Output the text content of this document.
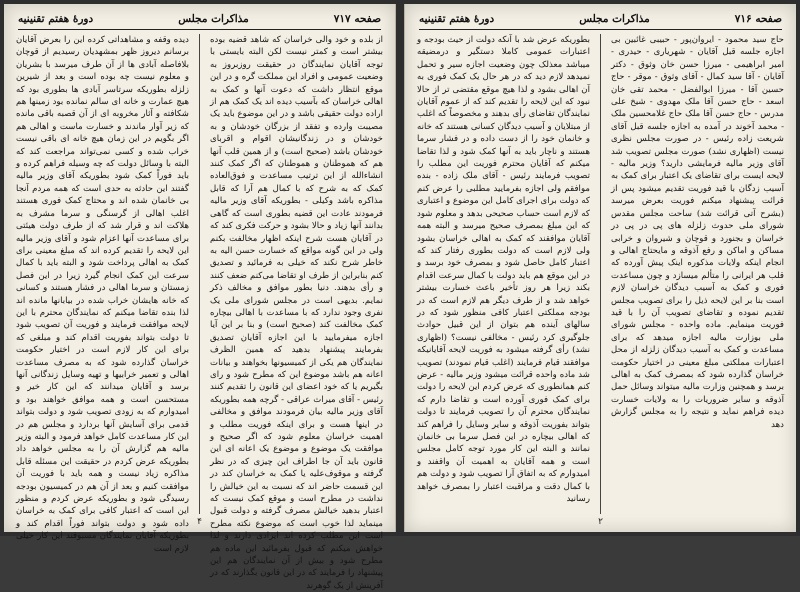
دورهٔ هفتم تقنینیه	مذاکرات مجلس	صفحه ۷۱۷

از بلده و خود والی خراسان که شاهد قضیه بوده بیشتر است و کمتر نیست لکن البته بایستی با توجه آقایان نمایندگان در حقیقت روزبروز به وضعیت عمومی و افراد این مملکت گره و در این موقع انتظار داشت که دعوت آنها و کمک به اهالی خراسان که بآسیب دیده اند یک کمک هم از اراده دولت حقیقی باشد و در این موضوع باید یک مصیبت وارده و تفقد از بزرگان خودشان و به خودشان و در زندگانیشان اقوام و اقربای خودشان باشد (صحیح است) و از همین قلب آنها هم که هموطنان و هموطنان که اگر کمک کنند انشاءالله از این ترتیب مساعدت و فوق‌العاده کمک که به شرح که با کمال هم آرا که قابل مذاکره باشد وکیلی - بطوریکه آقای وزیر مالیه فرمودند عادت این قضیه بطوری است که گاهی بدانند آنها زیاد و حالا بشود و حرکت فکری کند که در آقایان هست شرح اینکه اظهار مخالفت بکنم ولی در این گونه مواقع که خسارت حسن الیه به خاطر شرح نکند که خیلی به فرمائید و تصدیق کنم بنابراین از طرف او تقاضا می‌کنم ضعف کنند و رأی بدهند. دنیا بطور موافق و مخالف ذکر نمایم. بدیهی است در مجلس شورای ملی یک نفری وجود ندارد که با مساعدت با اهالی بیچاره کمک مخالفت کند (صحیح است) و بنا بر این آیا اجازه میفرمایید با این اجازه آقایان تصدیق بفرمایند پیشنهاد بدهید که همین الظرف نمایندگان هم یکی از کمیسیونها بخواهند و بیانات اعانه هم باشد موضوع این که مطرح شود و رای بگیریم یا که خود اعضای این قانون را تقدیم کنند رئیس - آقای میراث عراقی - گرچه همه بطوریکه آقای وزیر مالیه بیان فرمودند موافق و مخالفی در اینها هست و برای اینکه فوریت مطلب و اهمیت خراسان معلوم شود که اگر صحیح و موافقت یک موضوع و موضوع یک اعانه ای این قانون باید آن جا اطراف این چیزی که در نظر گرفته و موقوف‌علیه یا کمک به خراسان کند در این قسمت حاضر اند که نسبت به این خیالش را نداشت در مطرح است و موقع کمک نیست که اعتبار بدهید خیالش مصرف گرفته و دولت قبول مینماید لذا خوب است که موضوع نکته مطرح است این مطلب کرده اند ایرادی دارند و لذا خواهش میکنم که قبول بفرمائید این ماده هم مطرح شود و بیش از آن نمایندگان هم این پیشنهاد را فرمایند که در این قانون بگذارند که در آفرینش از یک گوهرند

دیده وقفه و مشاهداتی کرده این را بعرض آقایان برسانم دیروز ظهر بمشهدیان رسیدیم از قوچان بلافاصله آبادی ها از آن طرف میرسد با بشریان و معلوم نیست چه بوده است و بعد از شیرین زلزله بطوریکه سرتاسر آبادی ها بطوری بود که هیچ عمارت و خانه ای سالم نمانده بود زمینها هم شکافته و آثار مخروبه ای از آن قصبه باقی مانده که زیر آوار ماندند و خسارت ماست و اهالی هم اگر بگویم در این زمان هیچ خانه ای باقی نیست خراب شده و کسی نمی‌تواند مراجعت کند که البته با وسائل دولت که چه وسیله فراهم کرده و باید فوراً کمک شود بطوریکه آقای وزیر مالیه گفتند این حادثه به حدی است که همه مردم آنجا بی خانمان شده اند و محتاج کمک فوری هستند اغلب اهالی از گرسنگی و سرما مشرف به هلاکت اند و قرار شد که از طرف دولت هیئتی برای مساعدت آنها اعزام شود و آقای وزیر مالیه این لایحه را تقدیم کرده اند که مبلغ معینی برای کمک به اهالی پرداخت شود و البته باید با کمال سرعت این کمک انجام گیرد زیرا در این فصل زمستان و سرما اهالی در فشار هستند و کسانی که خانه هایشان خراب شده در بیابانها مانده اند لذا بنده تقاضا میکنم که نمایندگان محترم با این لایحه موافقت فرمایند و فوریت آن تصویب شود تا دولت بتواند بفوریت اقدام کند و مبلغی که برای این کار لازم است در اختیار حکومت خراسان گذارده شود که به مصرف مساعدت اهالی و تعمیر خرابیها و تهیه وسایل زندگانی آنها برسد و آقایان میدانند که این کار خیر و مستحسن است و همه موافق خواهند بود و امیدوارم که به زودی تصویب شود و دولت بتواند قدمی برای آسایش آنها بردارد و مجلس هم در این کار مساعدت کامل خواهد فرمود و البته وزیر مالیه هم گزارش آن را به مجلس خواهد داد بطوریکه عرض کردم در حقیقت این مسئله قابل مذاکره زیاد نیست و همه باید با فوریت آن موافقت کنیم و بعد از آن هم در کمیسیون بودجه رسیدگی شود و بطوریکه عرض کردم و منظور این است که اعتبار کافی برای کمک به خراسان داده شود و دولت بتواند فوراً اقدام کند و بطوریکه آقایان نمایندگان مسبوقند این کار خیلی لازم است

۴
دورهٔ هفتم تقنینیه	مذاکرات مجلس	صفحه ۷۱۶

حاج سید محمود - ایروان‌پور - حبیبی غائبین بی اجازه جلسه قبل آقایان - شهریاری - حیدری - امیر ابراهیمی - میرزا حسن خان وثوق - دکتر آقایان - آقا سید کمال - آقای وثوق - موقر - حاج حسین آقا - میرزا ابوالفضل - محمد تقی خان اسعد - حاج حسن آقا ملک مهدوی - شیخ علی مدرس - حاج حسن آقا ملک حاج غلامحسین ملک - محمد آخوند در آمده به اجازه جلسه قبل آقای شریعت زاده رئیس - در صورت مجلس نظری نیست (اظهاری نشد) صورت مجلس تصویب شد آقای وزیر مالیه فرمایشی دارید؟ وزیر مالیه - لایحه ایست برای تقاضای یک اعتبار برای کمک به آسیب زدگان با قید فوریت تقدیم میشود پس از قرائت پیشنهاد میکنم فوریت بعرض میرسد (بشرح آتی قرائت شد) ساحت مجلس مقدس شورای ملی حدوث زلزله های پی در پی در خراسان و بجنورد و قوچان و شیروان و خرابی مساکن و اماکن و رفع آذوقه و مایحتاج اهالی و انجام اینکه ولایات مذکوره اینک پیش آورده که قلب هر ایرانی را متألم میسازد و چون مساعدت فوری و کمک به آسیب دیدگان خراسان لازم است بنا بر این لایحه ذیل را برای تصویب مجلس تقدیم نموده و تقاضای تصویب آن را با قید فوریت مینمایم. ماده واحده - مجلس شورای ملی بوزارت مالیه اجازه میدهد که برای مساعدت و کمک به آسیب دیدگان زلزله از محل اعتبارات مملکتی مبلغ معینی در اختیار حکومت خراسان گذارده شود که بمصرف کمک به اهالی برسد و همچنین وزارت مالیه میتواند وسائل حمل آذوقه و سایر ضروریات را به ولایات خسارت دیده فراهم نماید و نتیجه را به مجلس گزارش دهد

بطوریکه عرض شد با آنکه دولت از حیث بودجه و اعتبارات عمومی کاملا دستگیر و درمضیقه میباشد معذلک چون وضعیت اجازه سیر و تحمل نمیدهد لازم دید که در هر حال یک کمک فوری به آن اهالی بشود و لذا هیچ موقع مقتضی تر از حالا نبود که این لایحه را تقدیم کند که از عموم آقایان نمایندگان تقاضای رأی بدهند و مخصوصاً که اغلب از مبتلایان و آسیب دیدگان کسانی هستند که خانه و خانمان خود را از دست داده و در فشار سرما هستند و ناچار باید به آنها کمک شود و لذا تقاضا میکنم که آقایان محترم فوریت این مطلب را تصویب فرمایند رئیس - آقای ملک زاده - بنده موافقم ولی اجازه بفرمایید مطلبی را عرض کنم که دولت برای اجرای کامل این موضوع و اعتباری که لازم است حساب صحیحی بدهد و معلوم شود که این مبلغ بمصرف صحیح میرسد و البته همه آقایان موافقند که کمک به اهالی خراسان بشود ولی لازم است که دولت بطوری رفتار کند که اعتبار کامل حاصل شود و بمصرف خود برسد و در این موقع هم باید دولت با کمال سرعت اقدام بکند زیرا هر روز تأخیر باعث خسارت بیشتر خواهد شد و از طرف دیگر هم لازم است که در بودجه مملکتی اعتبار کافی منظور شود که در سالهای آینده هم بتوان از این قبیل حوادث جلوگیری کرد رئیس - مخالفی نیست؟ (اظهاری نشد) رأی گرفته میشود به فوریت لایحه آقایانیکه موافقند قیام فرمایند (اغلب قیام نمودند) تصویب شد ماده واحده قرائت میشود وزیر مالیه - عرض کنم همانطوری که عرض کردم این لایحه را دولت برای کمک فوری آورده است و تقاضا دارم که نمایندگان محترم آن را تصویب فرمایند تا دولت بتواند بفوریت آذوقه و سایر وسایل را فراهم کند که اهالی بیچاره در این فصل سرما بی خانمان نمانند و البته این کار مورد توجه کامل مجلس است و همه آقایان به اهمیت آن واقفند و امیدوارم که به اتفاق آرا تصویب شود و دولت هم با کمال دقت و مراقبت اعتبار را بمصرف خواهد رسانید

۲
